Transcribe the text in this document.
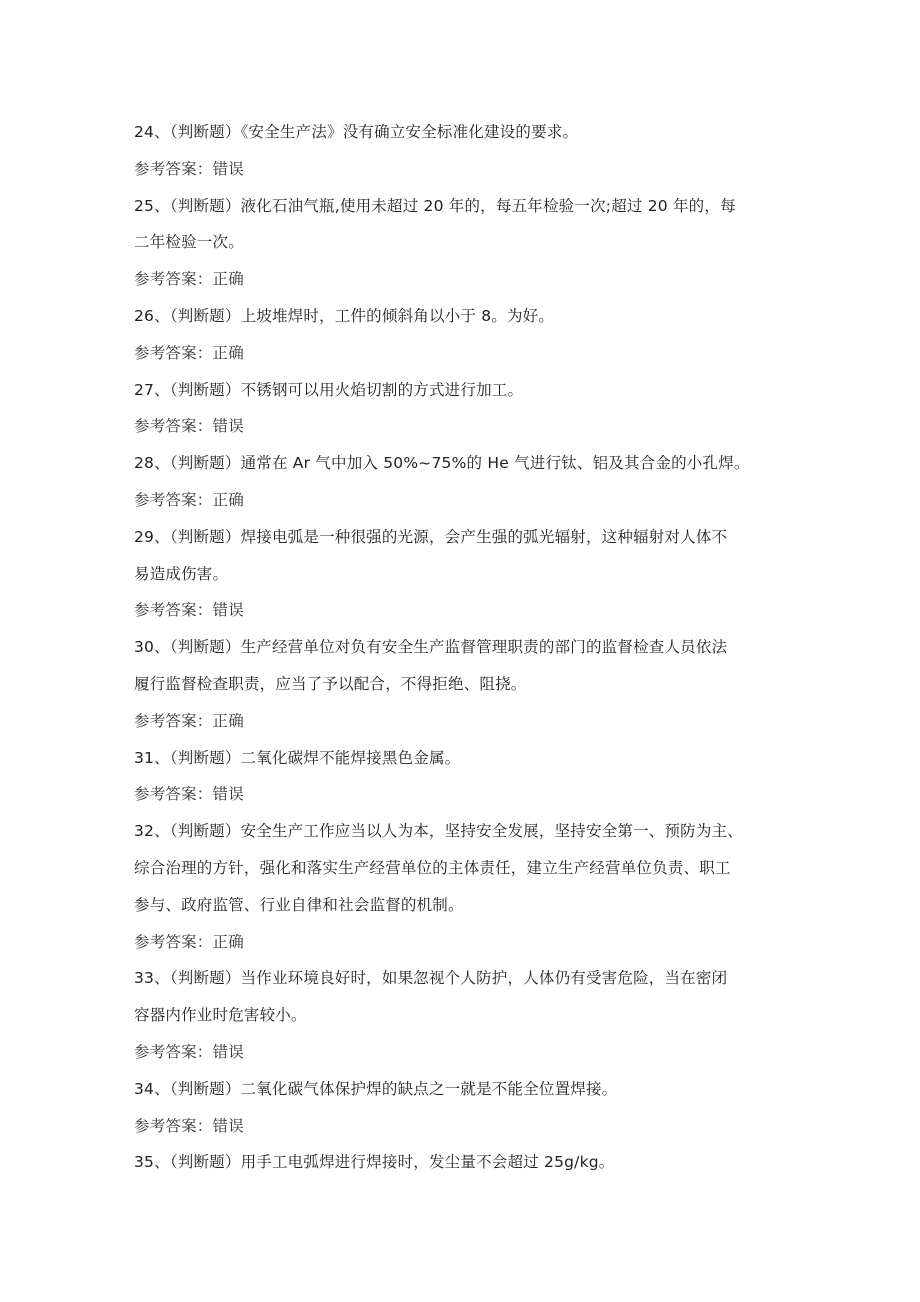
24、（判断题）《安全生产法》没有确立安全标准化建设的要求。
参考答案：错误
25、（判断题）液化石油气瓶,使用未超过 20 年的，每五年检验一次;超过 20 年的，每
二年检验一次。
参考答案：正确
26、（判断题）上坡堆焊时，工件的倾斜角以小于 8。为好。
参考答案：正确
27、（判断题）不锈钢可以用火焰切割的方式进行加工。
参考答案：错误
28、（判断题）通常在 Ar 气中加入 50%~75%的 He 气进行钛、铝及其合金的小孔焊。
参考答案：正确
29、（判断题）焊接电弧是一种很强的光源，会产生强的弧光辐射，这种辐射对人体不
易造成伤害。
参考答案：错误
30、（判断题）生产经营单位对负有安全生产监督管理职责的部门的监督检查人员依法
履行监督检查职责，应当了予以配合，不得拒绝、阻挠。
参考答案：正确
31、（判断题）二氧化碳焊不能焊接黑色金属。
参考答案：错误
32、（判断题）安全生产工作应当以人为本，坚持安全发展，坚持安全第一、预防为主、
综合治理的方针，强化和落实生产经营单位的主体责任，建立生产经营单位负责、职工
参与、政府监管、行业自律和社会监督的机制。
参考答案：正确
33、（判断题）当作业环境良好时，如果忽视个人防护，人体仍有受害危险，当在密闭
容器内作业时危害较小。
参考答案：错误
34、（判断题）二氧化碳气体保护焊的缺点之一就是不能全位置焊接。
参考答案：错误
35、（判断题）用手工电弧焊进行焊接时，发尘量不会超过 25g/kg。
